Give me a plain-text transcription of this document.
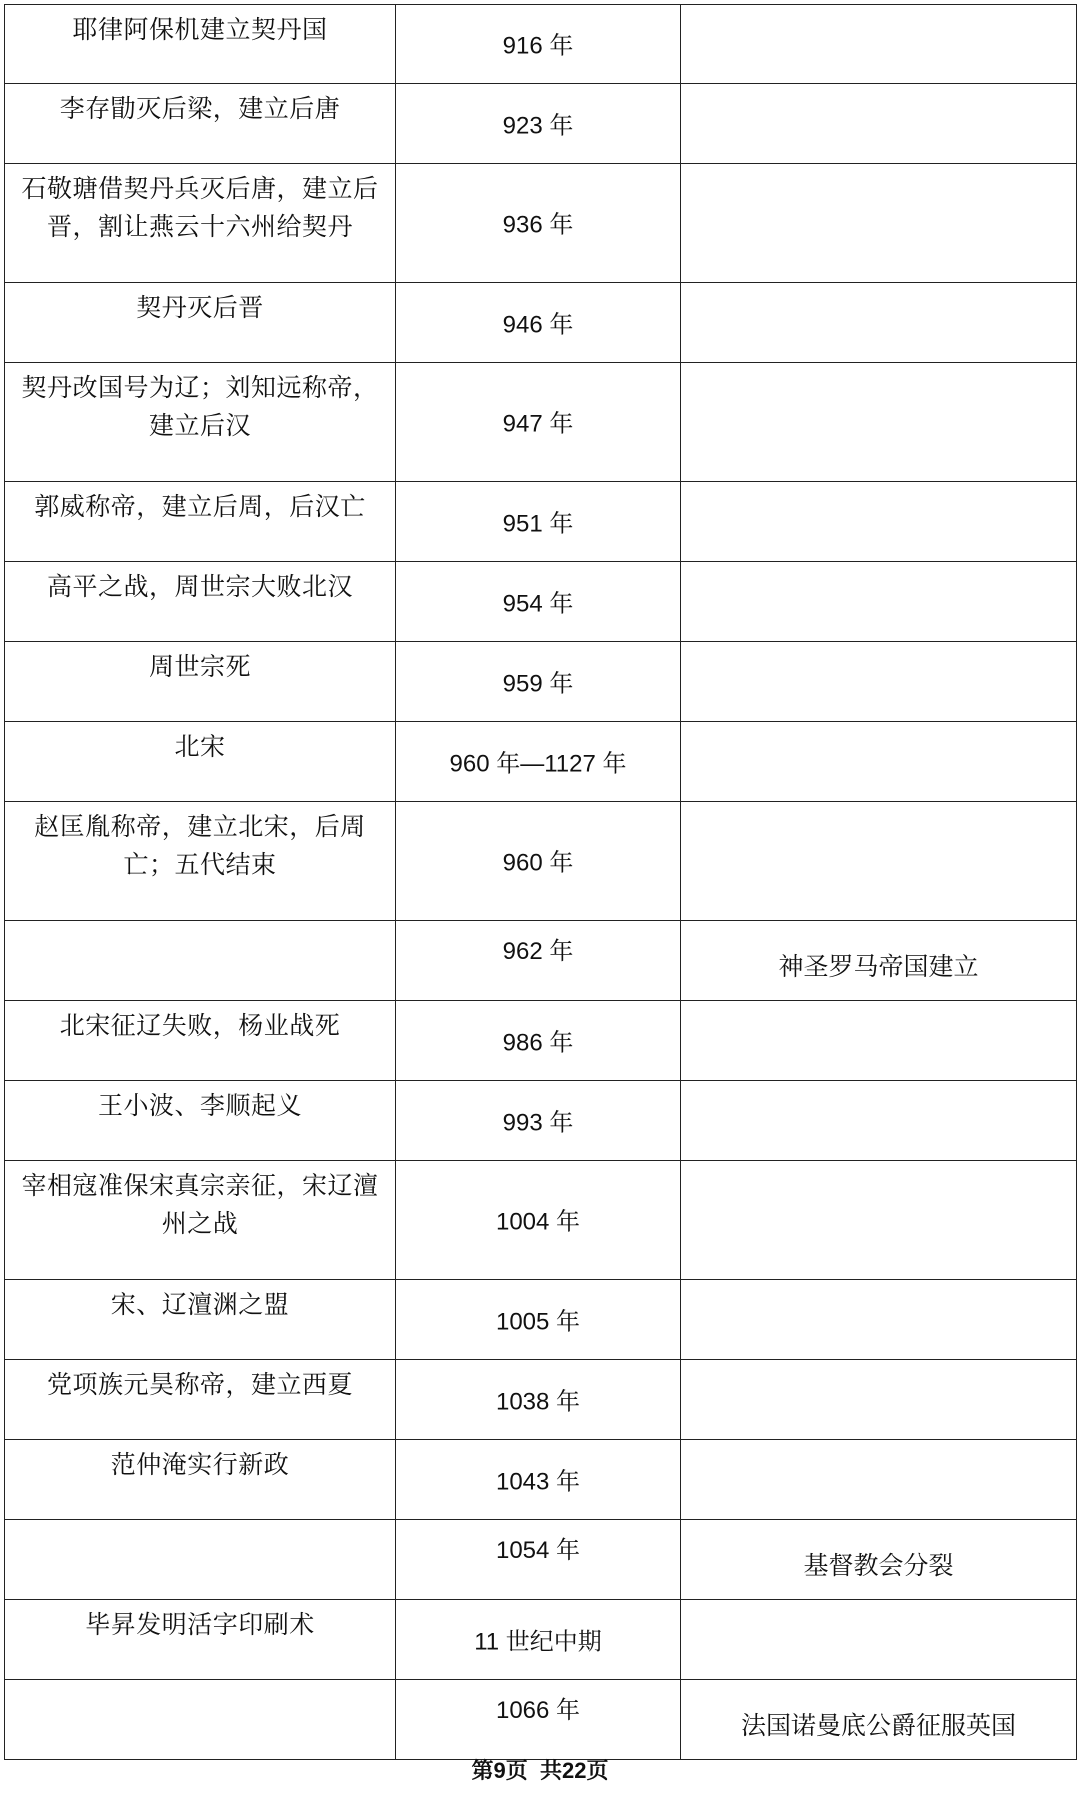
耶律阿保机建立契丹国	916 年	

李存勖灭后梁，建立后唐	923 年	

石敬瑭借契丹兵灭后唐，建立后晋，割让燕云十六州给契丹	936 年	

契丹灭后晋	946 年	

契丹改国号为辽；刘知远称帝，建立后汉	947 年	

郭威称帝，建立后周，后汉亡	951 年	

高平之战，周世宗大败北汉	954 年	

周世宗死	959 年	

北宋	960 年—1127 年	

赵匡胤称帝，建立北宋，后周亡；五代结束	960 年	

	962 年	神圣罗马帝国建立

北宋征辽失败，杨业战死	986 年	

王小波、李顺起义	993 年	

宰相寇准保宋真宗亲征，宋辽澶州之战	1004 年	

宋、辽澶渊之盟	1005 年	

党项族元昊称帝，建立西夏	1038 年	

范仲淹实行新政	1043 年	

	1054 年	基督教会分裂

毕昇发明活字印刷术	11 世纪中期	

	1066 年	法国诺曼底公爵征服英国
第9页  共22页
